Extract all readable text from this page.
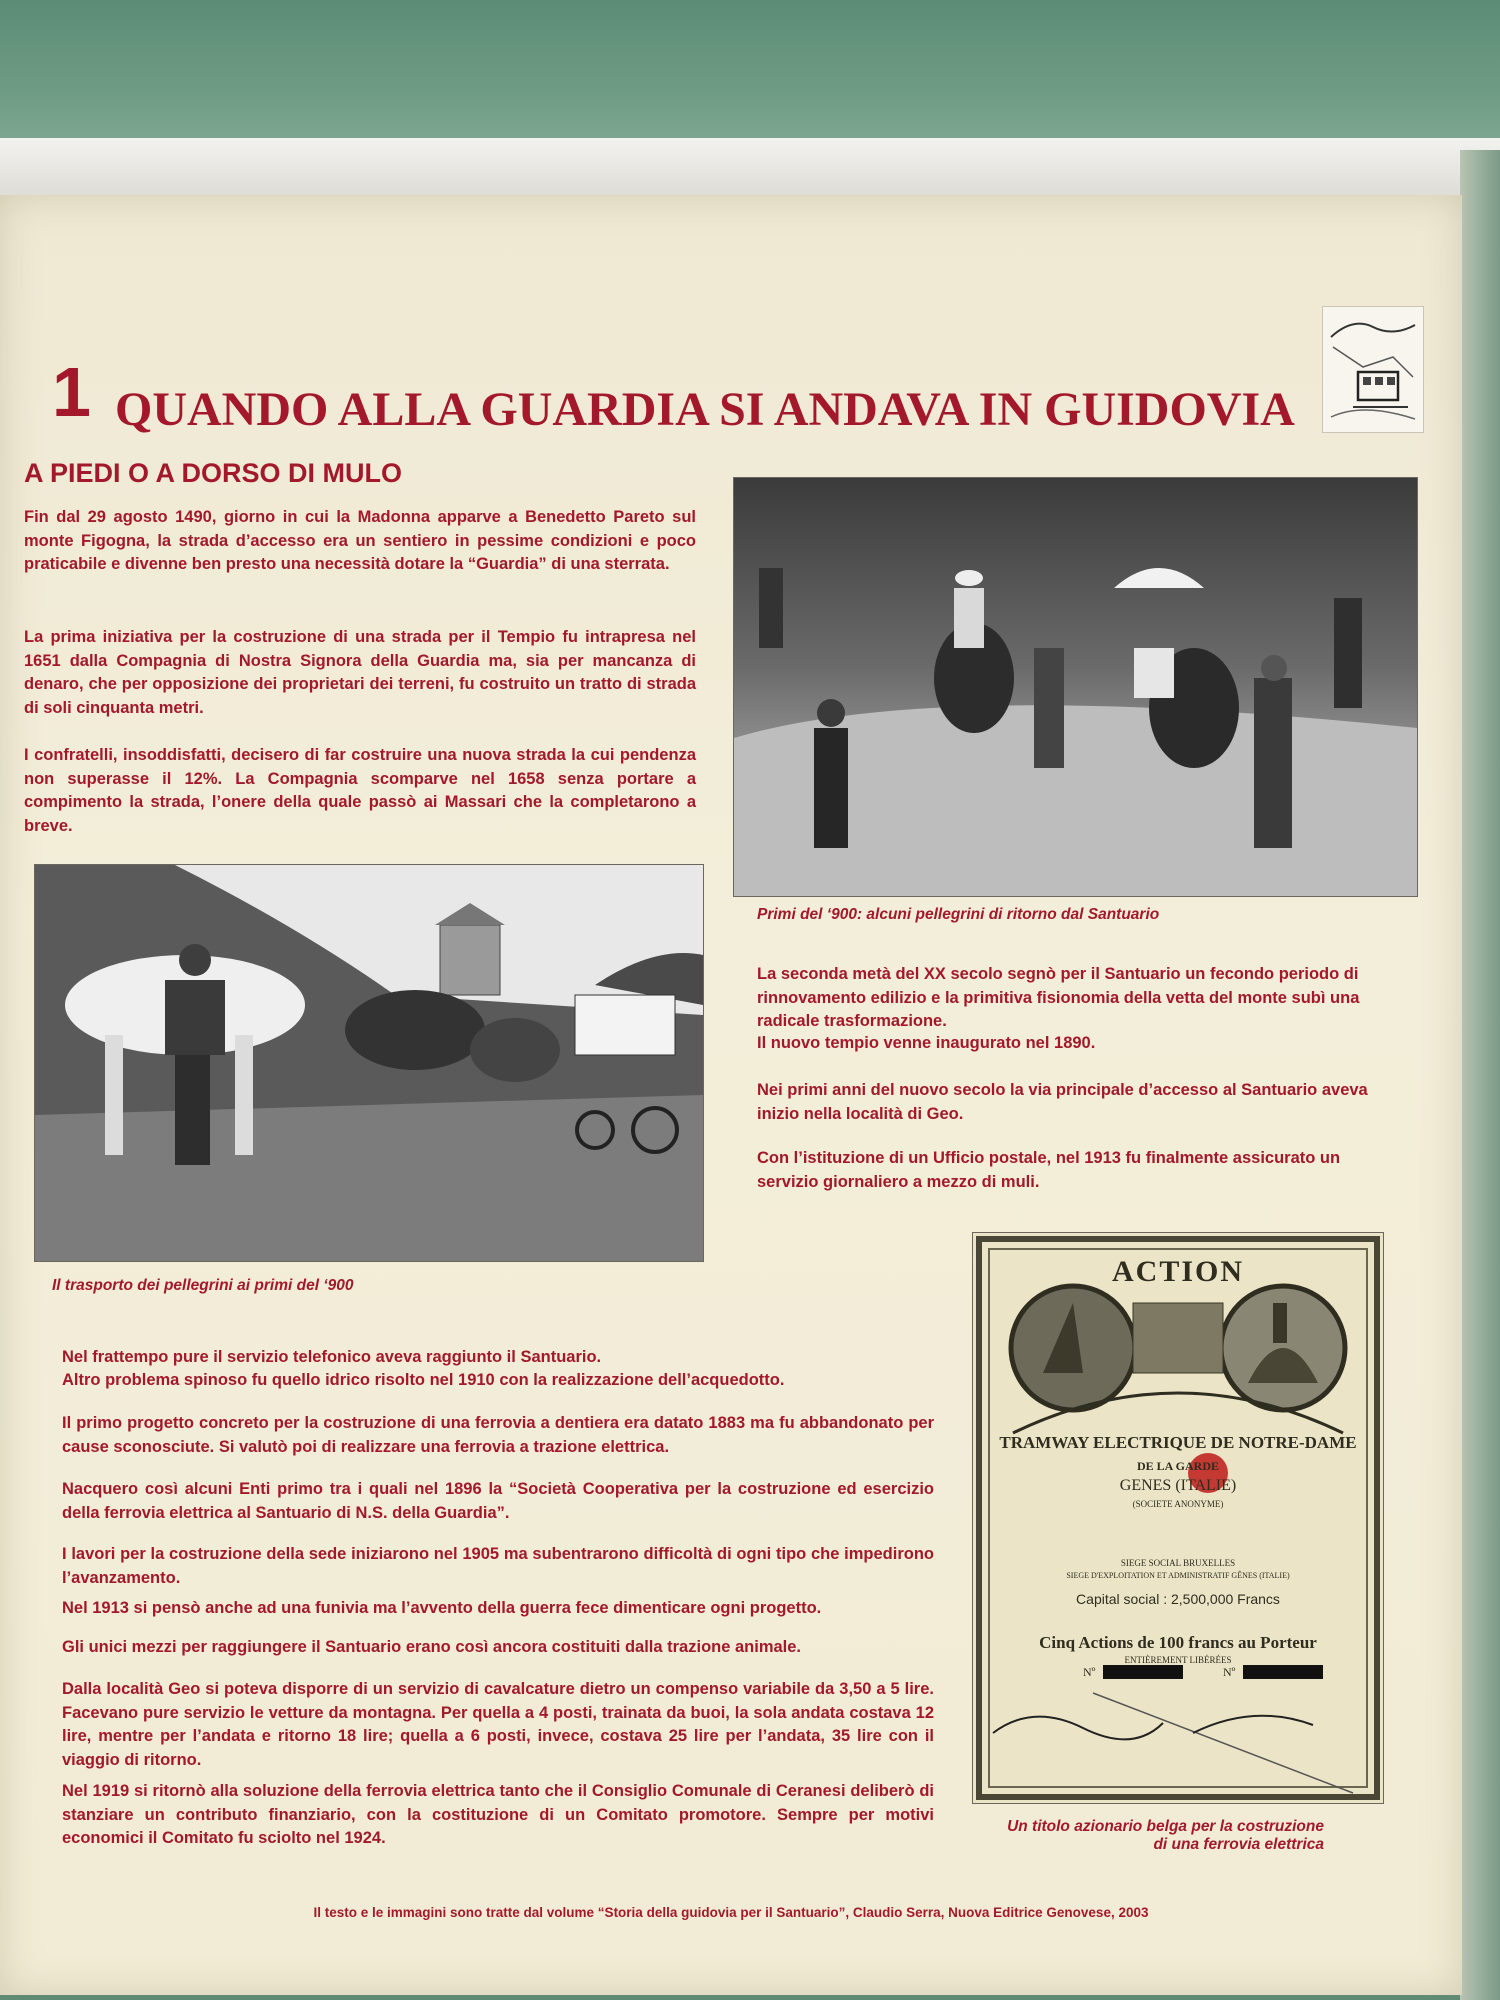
1 QUANDO ALLA GUARDIA SI ANDAVA IN GUIDOVIA
A PIEDI O A DORSO DI MULO

Fin dal 29 agosto 1490, giorno in cui la Madonna apparve a Benedetto Pareto sul monte Figogna, la strada d’accesso era un sentiero in pessime condizioni e poco praticabile e divenne ben presto una necessità dotare la “Guardia” di una sterrata.

La prima iniziativa per la costruzione di una strada per il Tempio fu intrapresa nel 1651 dalla Compagnia di Nostra Signora della Guardia ma, sia per mancanza di denaro, che per opposizione dei proprietari dei terreni, fu costruito un tratto di strada di soli cinquanta metri.

I confratelli, insoddisfatti, decisero di far costruire una nuova strada la cui pendenza non superasse il 12%. La Compagnia scomparve nel 1658 senza portare a compimento la strada, l’onere della quale passò ai Massari che la completarono a breve.

Primi del ‘900: alcuni pellegrini di ritorno dal Santuario

La seconda metà del XX secolo segnò per il Santuario un fecondo periodo di rinnovamento edilizio e la primitiva fisionomia della vetta del monte subì una radicale trasformazione.

Il nuovo tempio venne inaugurato nel 1890.

Nei primi anni del nuovo secolo la via principale d’accesso al Santuario aveva inizio nella località di Geo.

Con l’istituzione di un Ufficio postale, nel 1913 fu finalmente assicurato un servizio giornaliero a mezzo di muli.

Il trasporto dei pellegrini ai primi del ‘900

Nel frattempo pure il servizio telefonico aveva raggiunto il Santuario.

Altro problema spinoso fu quello idrico risolto nel 1910 con la realizzazione dell’acquedotto.

Il primo progetto concreto per la costruzione di una ferrovia a dentiera era datato 1883 ma fu abbandonato per cause sconosciute. Si valutò poi di realizzare una ferrovia a trazione elettrica.

Nacquero così alcuni Enti primo tra i quali nel 1896 la “Società Cooperativa per la costruzione ed esercizio della ferrovia elettrica al Santuario di N.S. della Guardia”.

I lavori per la costruzione della sede iniziarono nel 1905 ma subentrarono difficoltà di ogni tipo che impedirono l’avanzamento.

Nel 1913 si pensò anche ad una funivia ma l’avvento della guerra fece dimenticare ogni progetto.

Gli unici mezzi per raggiungere il Santuario erano così ancora costituiti dalla trazione animale.

Dalla località Geo si poteva disporre di un servizio di cavalcature dietro un compenso variabile da 3,50 a 5 lire. Facevano pure servizio le vetture da montagna. Per quella a 4 posti, trainata da buoi, la sola andata costava 12 lire, mentre per l’andata e ritorno 18 lire; quella a 6 posti, invece, costava 25 lire per l’andata, 35 lire con il viaggio di ritorno.

Nel 1919 si ritornò alla soluzione della ferrovia elettrica tanto che il Consiglio Comunale di Ceranesi deliberò di stanziare un contributo finanziario, con la costituzione di un Comitato promotore. Sempre per motivi economici il Comitato fu sciolto nel 1924.

ACTION
TRAMWAY ELECTRIQUE DE NOTRE-DAME
DE LA GARDE
GENES (ITALIE)
(SOCIETE ANONYME)
SIEGE SOCIAL BRUXELLES
SIEGE D'EXPLOITATION ET ADMINISTRATIF GÊNES (ITALIE)
Capital social : 2,500,000 Francs
Cinq Actions de 100 francs au Porteur
ENTIÈREMENT LIBÉRÉES
Nº	Nº
Un titolo azionario belga per la costruzione
di una ferrovia elettrica
Il testo e le immagini sono tratte dal volume “Storia della guidovia per il Santuario”, Claudio Serra, Nuova Editrice Genovese, 2003
